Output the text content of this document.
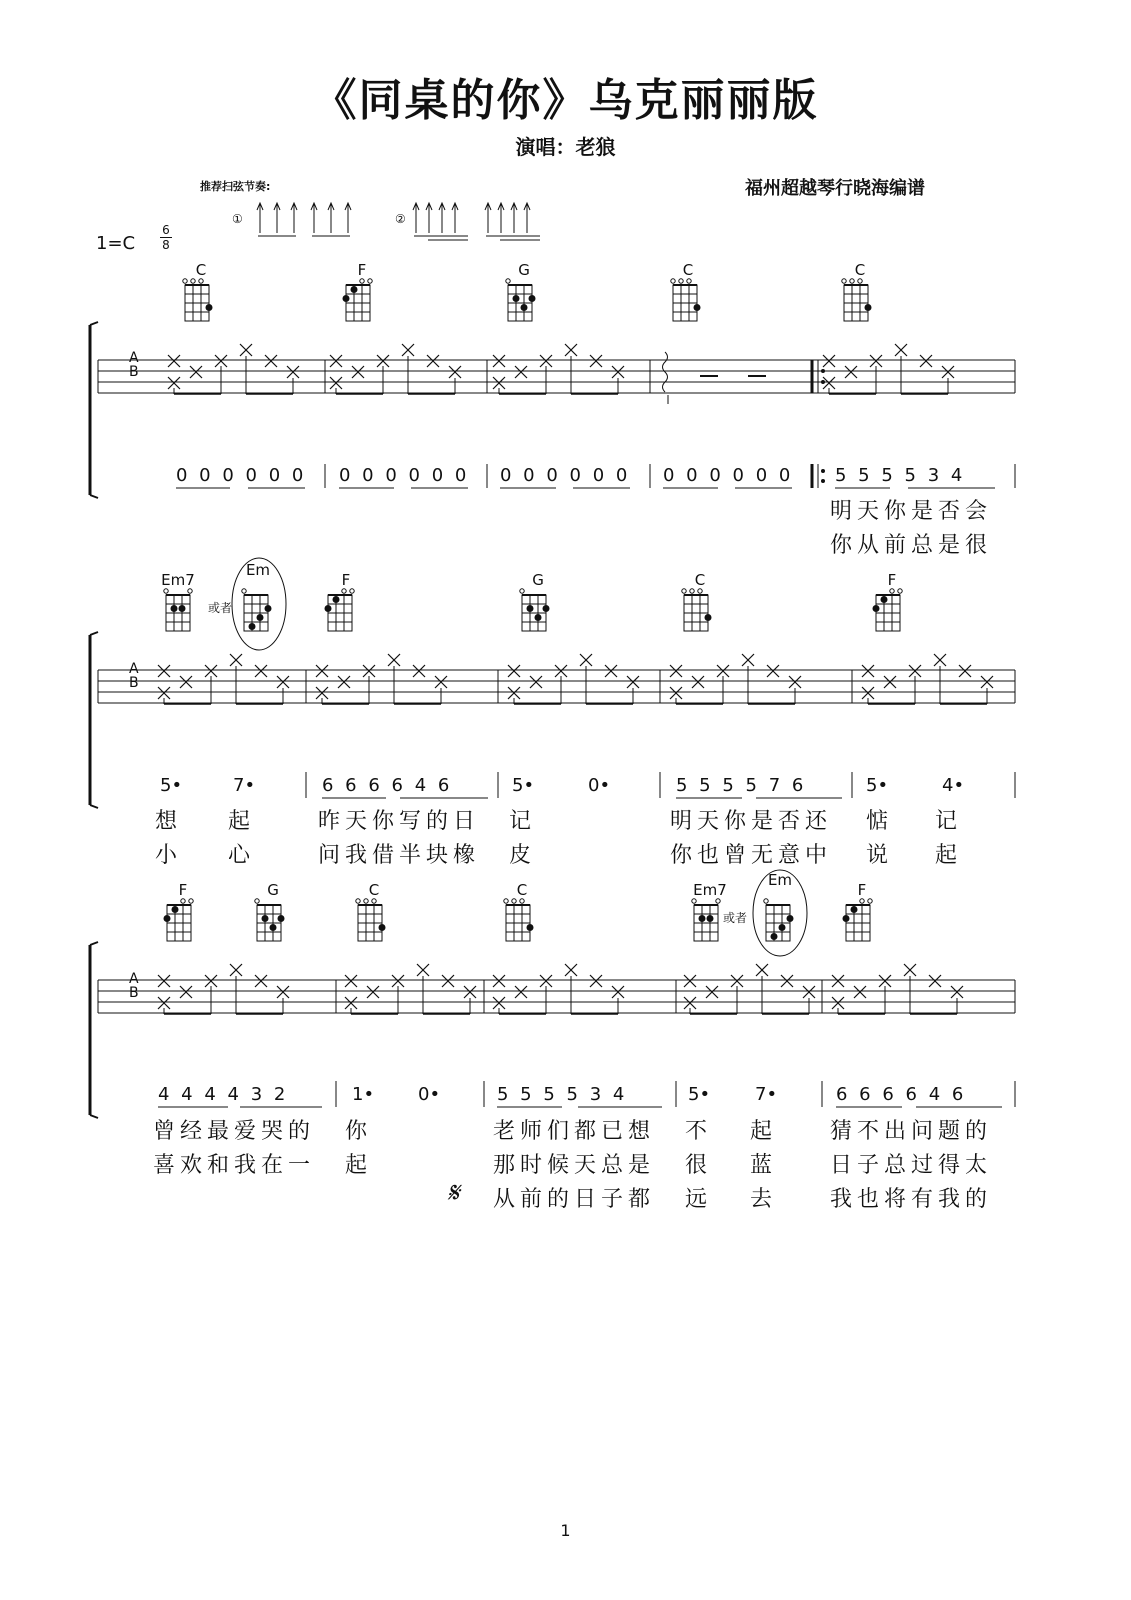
《同桌的你》乌克丽丽版
演唱：老狼
福州超越琴行晓海编谱
推荐扫弦节奏:
1=C
6
8
①	②
C	F	G	C	C
Em7
Em
F	G	C	F
或者
F	G	C	C	Em7
Em
F
或者
A
B
A
B
A
B
0 0 0 0 0 0 0 0 0 0 0 0 0 0 0 0 0 0 0 0 0 0 0 0 5 5 5 5 3 4
明天你是否会
你从前总是很
5•	7•	6 6 6 6 4 6	5•	0•	5 5 5 5 7 6	5•	4•
想 起	昨天你写的日 记	明天你是否还 惦 记
小 心	问我借半块橡 皮	你也曾无意中 说 起
4 4 4 4 3 2	1• 0•	5 5 5 5 3 4	5• 7•	6 6 6 6 4 6
曾经最爱哭的 你	老师们都已想 不 起 猜不出问题的
喜欢和我在一 起	那时候天总是 很 蓝 日子总过得太
𝄋 从前的日子都 远 去 我也将有我的
1
